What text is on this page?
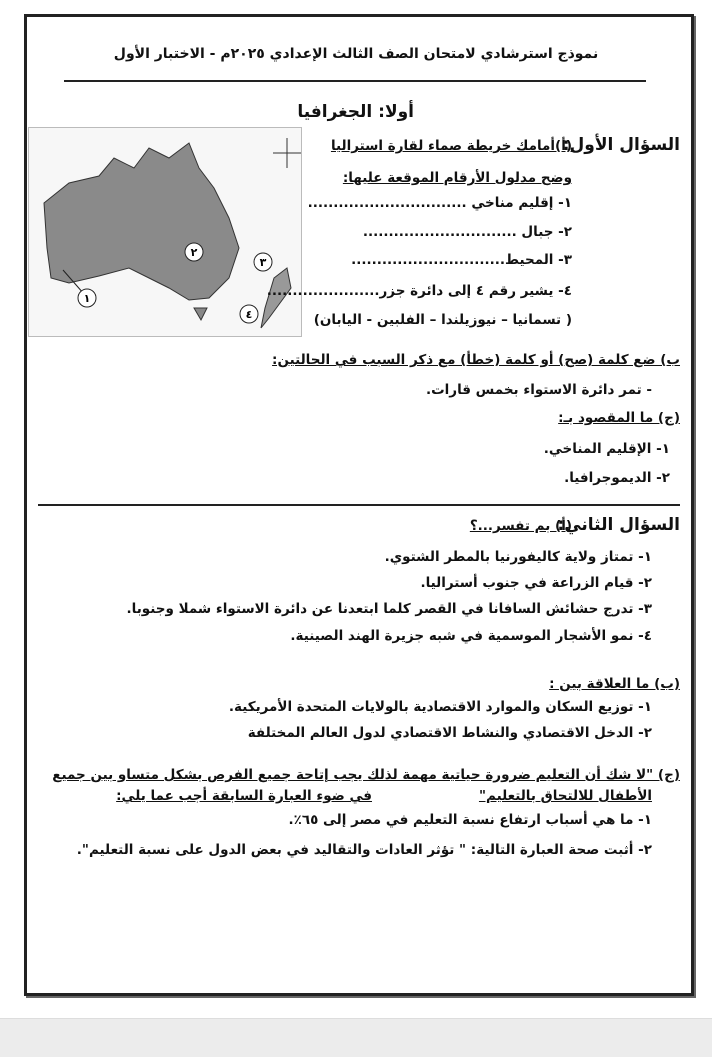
نموذج استرشادي لامتحان الصف الثالث الإعدادي ٢٠٢٥م - الاختبار الأول
أولا: الجغرافيا
١
٢
٣
٤
السؤال الأول:
(أ)أمامك خريطة صماء لقارة استراليا
وضح مدلول الأرقام الموقعة عليها:
١- إقليم مناخي ...............................
٢- جبال ..............................
٣- المحيط..............................
٤- يشير رقم ٤ إلى دائرة جزر......................
( تسمانيا – نيوزيلندا – الفلبين - اليابان)
ب) ضع كلمة (صح) أو كلمة (خطأ) مع ذكر السبب في الحالتين:
- تمر دائرة الاستواء بخمس قارات.
(ج) ما المقصود بـ:
١- الإقليم المناخي.
٢- الديموجرافيا.
السؤال الثاني:
(أ) بم تفسر...؟
١- تمتاز ولاية كاليفورنيا بالمطر الشتوي.
٢- قيام الزراعة في جنوب أستراليا.
٣- تدرج حشائش السافانا في القصر كلما ابتعدنا عن دائرة الاستواء شملا وجنوبا.
٤- نمو الأشجار الموسمية في شبه جزيرة الهند الصينية.
(ب) ما العلاقة بين :
١- توزيع السكان والموارد الاقتصادية بالولايات المتحدة الأمريكية.
٢- الدخل الاقتصادي والنشاط الاقتصادي لدول العالم المختلفة
(ج) "لا شك أن التعليم ضرورة حياتية مهمة لذلك يجب إتاحة جميع الفرص بشكل متساو بين جميع
الأطفال للالتحاق بالتعليم"
في ضوء العبارة السابقة أجب عما يلي:
١- ما هي أسباب ارتفاع نسبة التعليم في مصر إلى ٦٥٪.
٢- أثبت صحة العبارة التالية: " تؤثر العادات والتقاليد في بعض الدول على نسبة التعليم".
